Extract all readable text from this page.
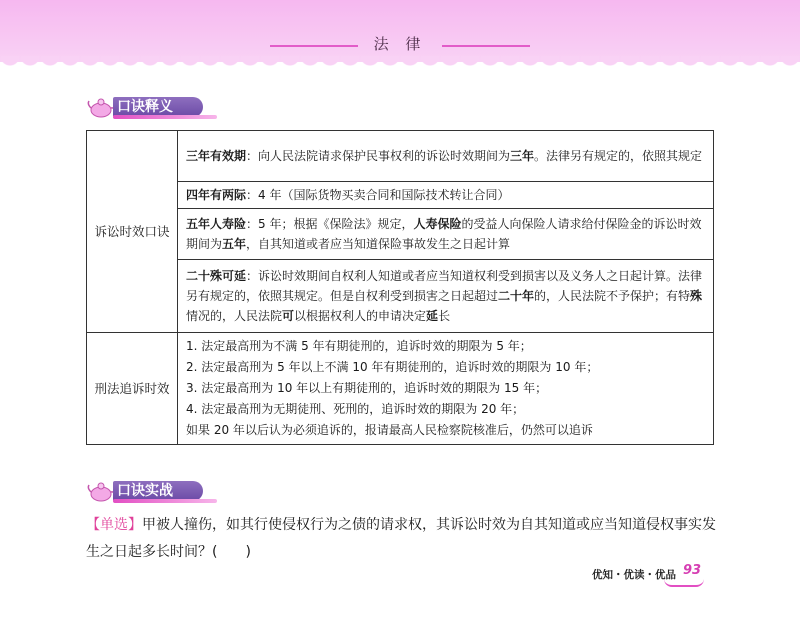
法 律
口诀释义
诉讼时效口诀	三年有效期：向人民法院请求保护民事权利的诉讼时效期间为三年。法律另有规定的，依照其规定

	四年有两际：4 年（国际货物买卖合同和国际技术转让合同）

	五年人寿险：5 年；根据《保险法》规定，人寿保险的受益人向保险人请求给付保险金的诉讼时效期间为五年，自其知道或者应当知道保险事故发生之日起计算

	二十殊可延：诉讼时效期间自权利人知道或者应当知道权利受到损害以及义务人之日起计算。法律另有规定的，依照其规定。但是自权利受到损害之日起超过二十年的，人民法院不予保护；有特殊情况的，人民法院可以根据权利人的申请决定延长

刑法追诉时效	1. 法定最高刑为不满 5 年有期徒刑的，追诉时效的期限为 5 年；
2. 法定最高刑为 5 年以上不满 10 年有期徒刑的，追诉时效的期限为 10 年；
3. 法定最高刑为 10 年以上有期徒刑的，追诉时效的期限为 15 年；
4. 法定最高刑为无期徒刑、死刑的，追诉时效的期限为 20 年；
如果 20 年以后认为必须追诉的，报请最高人民检察院核准后，仍然可以追诉
口诀实战
【单选】甲被人撞伤，如其行使侵权行为之债的请求权，其诉讼时效为自其知道或应当知道侵权事实发生之日起多长时间？(　　)
优知・优读・优品 93
